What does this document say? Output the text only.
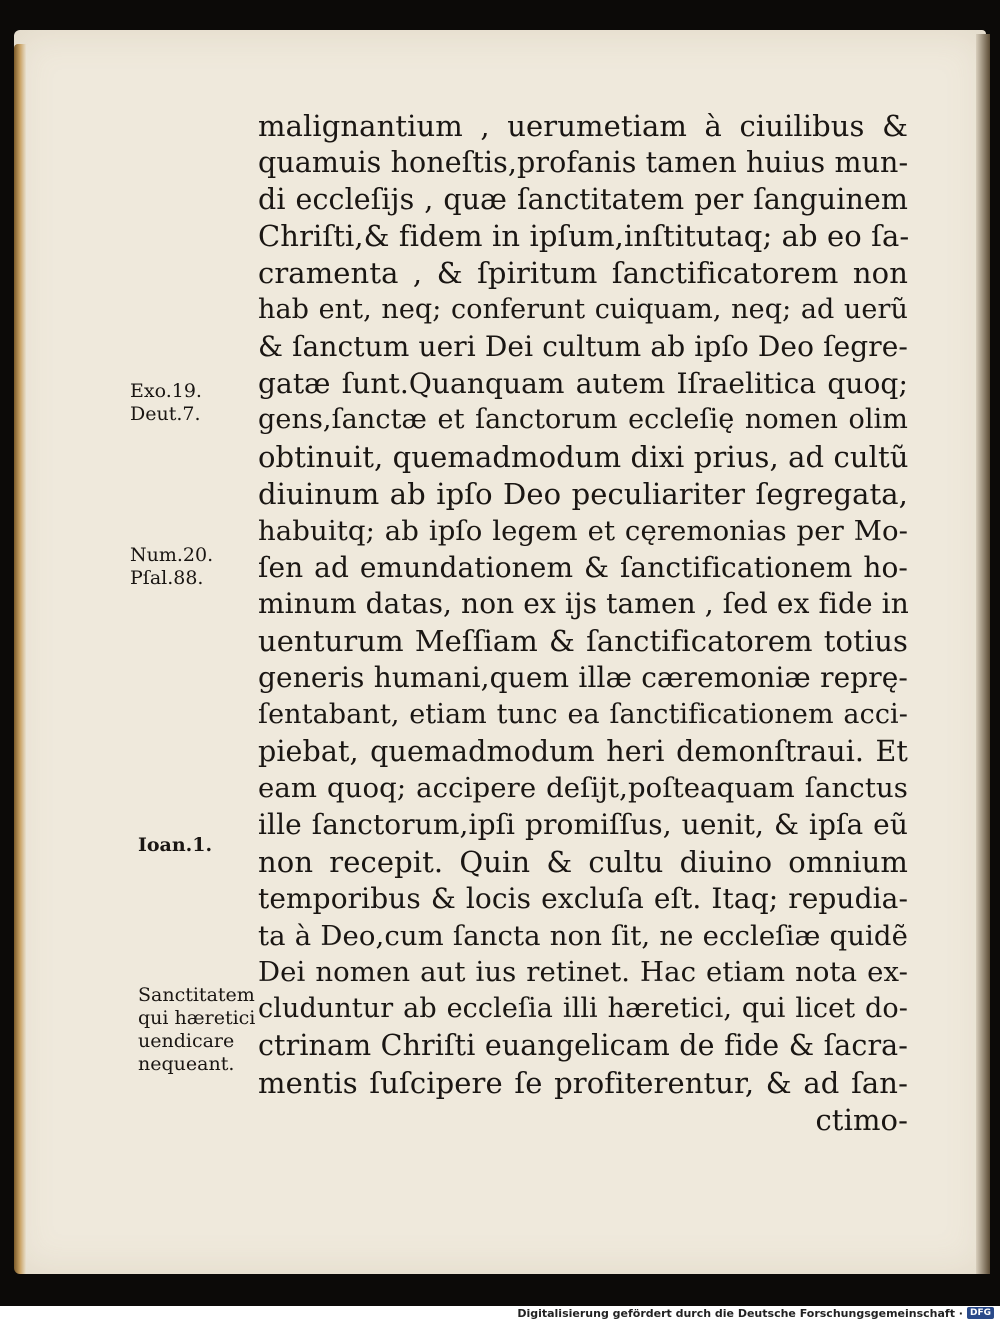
malignantium , uerumetiam à ciuilibus &
quamuis honeſtis,profanis tamen huius mun-
di eccleſijs , quæ ſanctitatem per ſanguinem
Chriſti,& fidem in ipſum,inſtitutaq; ab eo ſa-
cramenta , & ſpiritum ſanctificatorem non
hab ent, neq; conferunt cuiquam, neq; ad uerũ
& ſanctum ueri Dei cultum ab ipſo Deo ſegre-
gatæ ſunt.Quanquam autem Iſraelitica quoq;
gens,ſanctæ et ſanctorum eccleſię nomen olim
obtinuit, quemadmodum dixi prius, ad cultũ
diuinum ab ipſo Deo peculiariter ſegregata,
habuitq; ab ipſo legem et cęremonias per Mo-
ſen ad emundationem & ſanctificationem ho-
minum datas, non ex ijs tamen , ſed ex fide in
uenturum Meſſiam & ſanctificatorem totius
generis humani,quem illæ cæremoniæ reprę-
ſentabant, etiam tunc ea ſanctificationem acci-
piebat, quemadmodum heri demonſtraui. Et
eam quoq; accipere deſijt,poſteaquam ſanctus
ille ſanctorum,ipſi promiſſus, uenit, & ipſa eũ
non recepit. Quin & cultu diuino omnium
temporibus & locis excluſa eſt. Itaq; repudia-
ta à Deo,cum ſancta non ſit, ne eccleſiæ quidẽ
Dei nomen aut ius retinet. Hac etiam nota ex-
cluduntur ab eccleſia illi hæretici, qui licet do-
ctrinam Chriſti euangelicam de fide & ſacra-
mentis ſuſcipere ſe profiterentur, & ad ſan-
ctimo-
Exo.19.
Deut.7.
Num.20.
Pſal.88.
Ioan.1.
Sanctitatem
qui hæretici
uendicare
nequeant.
Digitalisierung gefördert durch die Deutsche Forschungsgemeinschaft · DFG
